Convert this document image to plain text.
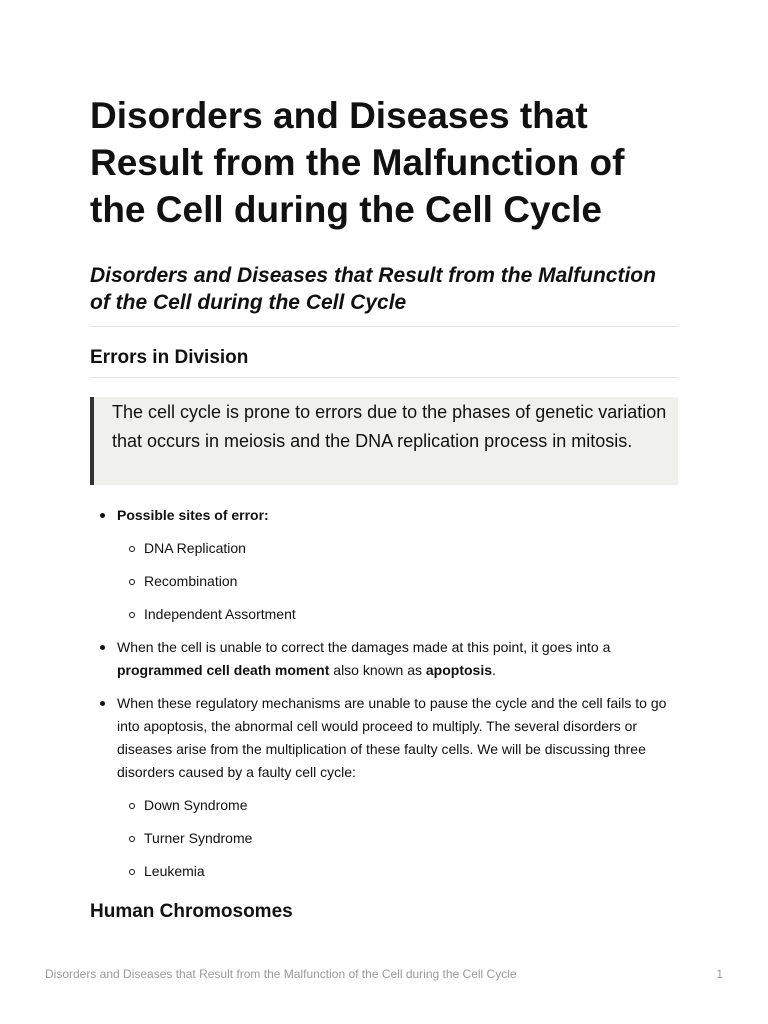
Disorders and Diseases that Result from the Malfunction of the Cell during the Cell Cycle
Disorders and Diseases that Result from the Malfunction of the Cell during the Cell Cycle
Errors in Division

The cell cycle is prone to errors due to the phases of genetic variation that occurs in meiosis and the DNA replication process in mitosis.

Possible sites of error:
DNA Replication
Recombination
Independent Assortment
When the cell is unable to correct the damages made at this point, it goes into a programmed cell death moment also known as apoptosis.
When these regulatory mechanisms are unable to pause the cycle and the cell fails to go into apoptosis, the abnormal cell would proceed to multiply. The several disorders or diseases arise from the multiplication of these faulty cells. We will be discussing three disorders caused by a faulty cell cycle:
Down Syndrome
Turner Syndrome
Leukemia
Human Chromosomes
Disorders and Diseases that Result from the Malfunction of the Cell during the Cell Cycle	1
